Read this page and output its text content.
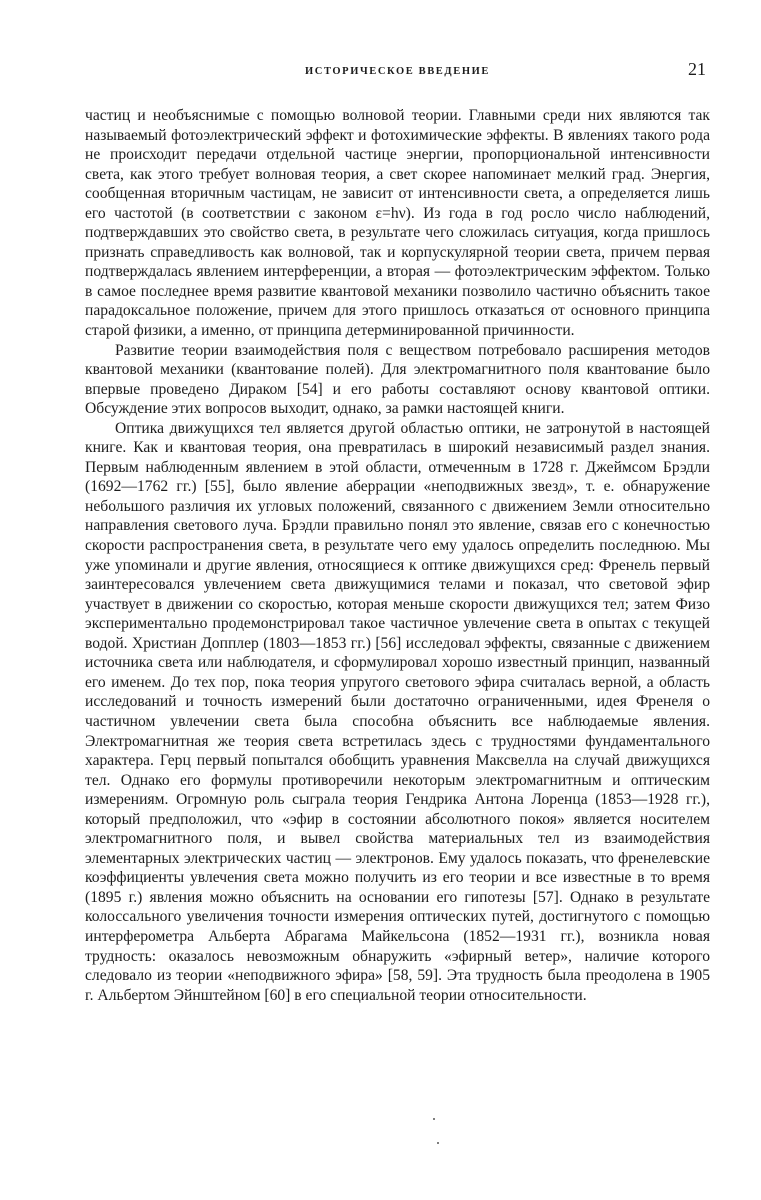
ИСТОРИЧЕСКОЕ ВВЕДЕНИЕ	21

частиц и необъяснимые с помощью волновой теории. Главными среди них являются так называемый фотоэлектрический эффект и фотохимические эффекты. В явлениях такого рода не происходит передачи отдельной частице энергии, пропорциональной интенсивности света, как этого требует волновая теория, а свет скорее напоминает мелкий град. Энергия, сообщенная вторичным частицам, не зависит от интенсивности света, а определяется лишь его частотой (в соответствии с законом ε=hν). Из года в год росло число наблюдений, подтверждавших это свойство света, в результате чего сложилась ситуация, когда пришлось признать справедливость как волновой, так и корпускулярной теории света, причем первая подтверждалась явлением интерференции, а вторая — фотоэлектрическим эффектом. Только в самое последнее время развитие квантовой механики позволило частично объяснить такое парадоксальное положение, причем для этого пришлось отказаться от основного принципа старой физики, а именно, от принципа детерминированной причинности.

Развитие теории взаимодействия поля с веществом потребовало расширения методов квантовой механики (квантование полей). Для электромагнитного поля квантование было впервые проведено Дираком [54] и его работы составляют основу квантовой оптики. Обсуждение этих вопросов выходит, однако, за рамки настоящей книги.

Оптика движущихся тел является другой областью оптики, не затронутой в настоящей книге. Как и квантовая теория, она превратилась в широкий независимый раздел знания. Первым наблюденным явлением в этой области, отмеченным в 1728 г. Джеймсом Брэдли (1692—1762 гг.) [55], было явление аберрации «неподвижных звезд», т. е. обнаружение небольшого различия их угловых положений, связанного с движением Земли относительно направления светового луча. Брэдли правильно понял это явление, связав его с конечностью скорости распространения света, в результате чего ему удалось определить последнюю. Мы уже упоминали и другие явления, относящиеся к оптике движущихся сред: Френель первый заинтересовался увлечением света движущимися телами и показал, что световой эфир участвует в движении со скоростью, которая меньше скорости движущихся тел; затем Физо экспериментально продемонстрировал такое частичное увлечение света в опытах с текущей водой. Христиан Допплер (1803—1853 гг.) [56] исследовал эффекты, связанные с движением источника света или наблюдателя, и сформулировал хорошо известный принцип, названный его именем. До тех пор, пока теория упругого светового эфира считалась верной, а область исследований и точность измерений были достаточно ограниченными, идея Френеля о частичном увлечении света была способна объяснить все наблюдаемые явления. Электромагнитная же теория света встретилась здесь с трудностями фундаментального характера. Герц первый попытался обобщить уравнения Максвелла на случай движущихся тел. Однако его формулы противоречили некоторым электромагнитным и оптическим измерениям. Огромную роль сыграла теория Гендрика Антона Лоренца (1853—1928 гг.), который предположил, что «эфир в состоянии абсолютного покоя» является носителем электромагнитного поля, и вывел свойства материальных тел из взаимодействия элементарных электрических частиц — электронов. Ему удалось показать, что френелевские коэффициенты увлечения света можно получить из его теории и все известные в то время (1895 г.) явления можно объяснить на основании его гипотезы [57]. Однако в результате колоссального увеличения точности измерения оптических путей, достигнутого с помощью интерферометра Альберта Абрагама Майкельсона (1852—1931 гг.), возникла новая трудность: оказалось невозможным обнаружить «эфирный ветер», наличие которого следовало из теории «неподвижного эфира» [58, 59]. Эта трудность была преодолена в 1905 г. Альбертом Эйнштейном [60] в его специальной теории относительности.
